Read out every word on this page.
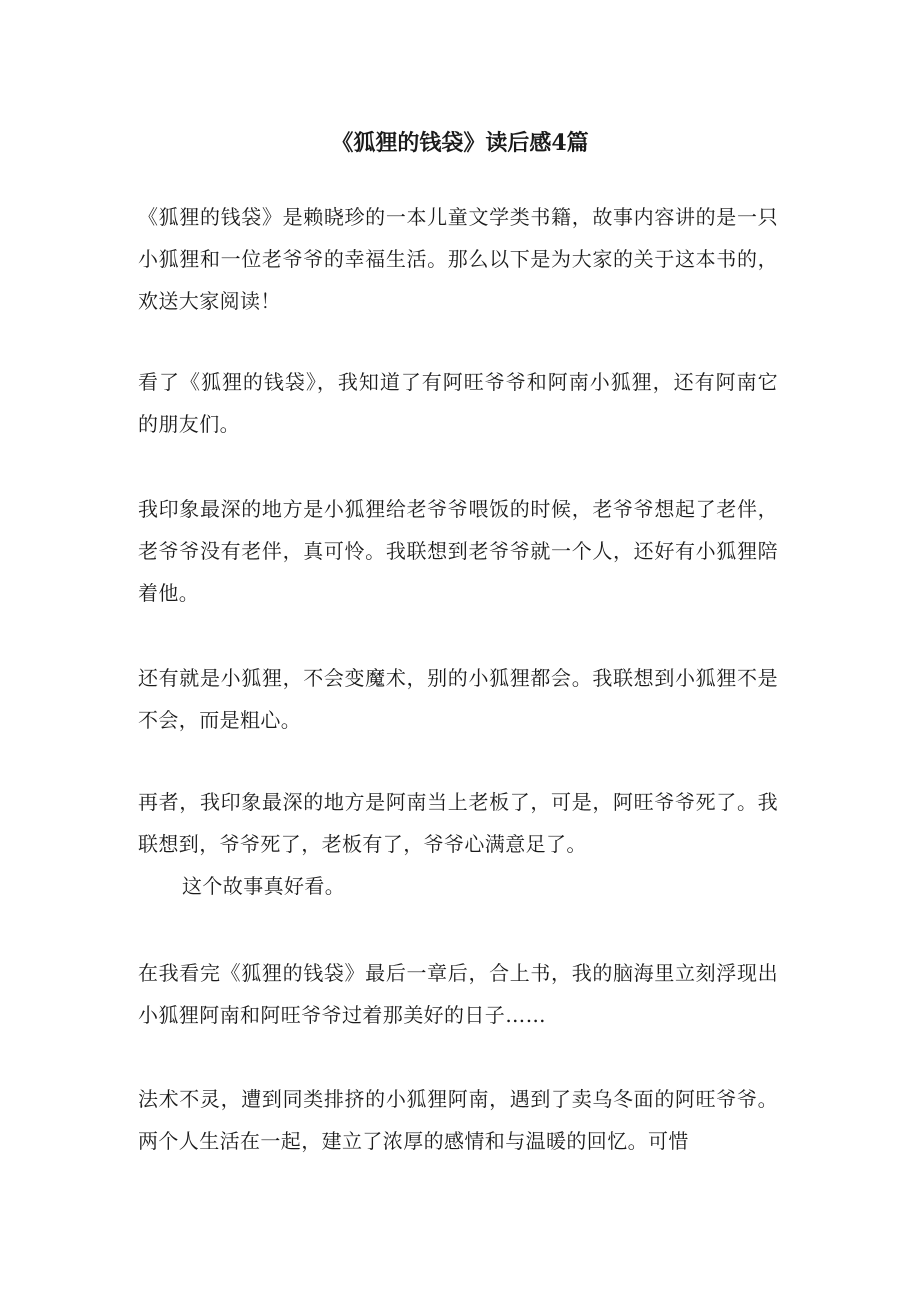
《狐狸的钱袋》读后感4篇

《狐狸的钱袋》是赖晓珍的一本儿童文学类书籍，故事内容讲的是一只小狐狸和一位老爷爷的幸福生活。那么以下是为大家的关于这本书的，欢送大家阅读！

看了《狐狸的钱袋》，我知道了有阿旺爷爷和阿南小狐狸，还有阿南它的朋友们。

我印象最深的地方是小狐狸给老爷爷喂饭的时候，老爷爷想起了老伴，老爷爷没有老伴，真可怜。我联想到老爷爷就一个人，还好有小狐狸陪着他。

还有就是小狐狸，不会变魔术，别的小狐狸都会。我联想到小狐狸不是不会，而是粗心。

再者，我印象最深的地方是阿南当上老板了，可是，阿旺爷爷死了。我联想到，爷爷死了，老板有了，爷爷心满意足了。

这个故事真好看。

在我看完《狐狸的钱袋》最后一章后，合上书，我的脑海里立刻浮现出小狐狸阿南和阿旺爷爷过着那美好的日子……

法术不灵，遭到同类排挤的小狐狸阿南，遇到了卖乌冬面的阿旺爷爷。两个人生活在一起，建立了浓厚的感情和与温暖的回忆。可惜
